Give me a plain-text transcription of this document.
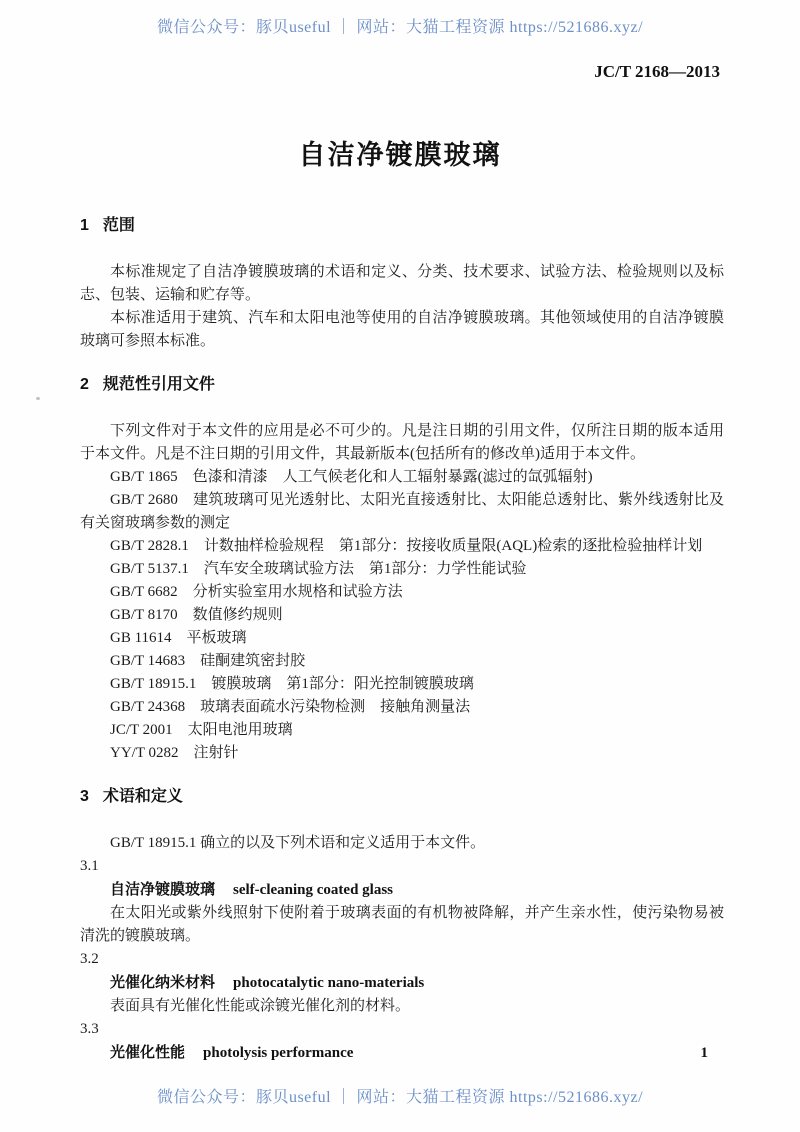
微信公众号：豚贝useful ｜ 网站：大猫工程资源 https://521686.xyz/
JC/T 2168—2013
自洁净镀膜玻璃
1 范围

本标准规定了自洁净镀膜玻璃的术语和定义、分类、技术要求、试验方法、检验规则以及标志、包装、运输和贮存等。

本标准适用于建筑、汽车和太阳电池等使用的自洁净镀膜玻璃。其他领域使用的自洁净镀膜玻璃可参照本标准。

2 规范性引用文件

下列文件对于本文件的应用是必不可少的。凡是注日期的引用文件，仅所注日期的版本适用于本文件。凡是不注日期的引用文件，其最新版本(包括所有的修改单)适用于本文件。

GB/T 1865　色漆和清漆　人工气候老化和人工辐射暴露(滤过的氙弧辐射)

GB/T 2680　建筑玻璃可见光透射比、太阳光直接透射比、太阳能总透射比、紫外线透射比及有关窗玻璃参数的测定

GB/T 2828.1　计数抽样检验规程　第1部分：按接收质量限(AQL)检索的逐批检验抽样计划

GB/T 5137.1　汽车安全玻璃试验方法　第1部分：力学性能试验

GB/T 6682　分析实验室用水规格和试验方法

GB/T 8170　数值修约规则

GB 11614　平板玻璃

GB/T 14683　硅酮建筑密封胶

GB/T 18915.1　镀膜玻璃　第1部分：阳光控制镀膜玻璃

GB/T 24368　玻璃表面疏水污染物检测　接触角测量法

JC/T 2001　太阳电池用玻璃

YY/T 0282　注射针

3 术语和定义

GB/T 18915.1 确立的以及下列术语和定义适用于本文件。

3.1

自洁净镀膜玻璃 self-cleaning coated glass

在太阳光或紫外线照射下使附着于玻璃表面的有机物被降解，并产生亲水性，使污染物易被清洗的镀膜玻璃。

3.2

光催化纳米材料 photocatalytic nano-materials

表面具有光催化性能或涂镀光催化剂的材料。

3.3

光催化性能 photolysis performance	1
微信公众号：豚贝useful ｜ 网站：大猫工程资源 https://521686.xyz/
